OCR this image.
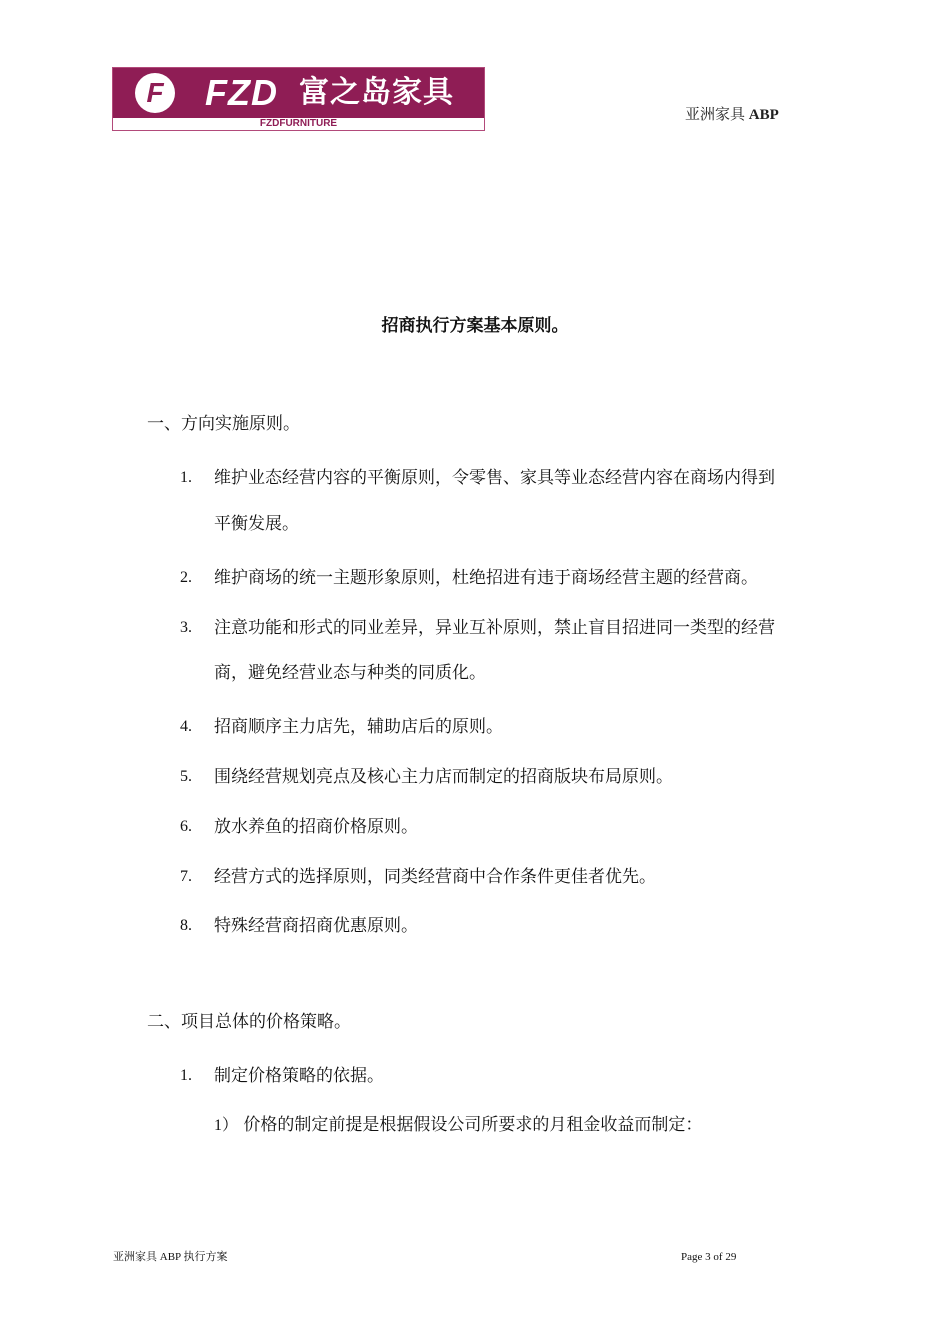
F	FZD 富之岛家具
FZDFURNITURE
亚洲家具 ABP
招商执行方案基本原则。
一、方向实施原则。
1. 维护业态经营内容的平衡原则，令零售、家具等业态经营内容在商场内得到
平衡发展。
2. 维护商场的统一主题形象原则，杜绝招进有违于商场经营主题的经营商。
3. 注意功能和形式的同业差异，异业互补原则，禁止盲目招进同一类型的经营
商，避免经营业态与种类的同质化。
4. 招商顺序主力店先，辅助店后的原则。
5. 围绕经营规划亮点及核心主力店而制定的招商版块布局原则。
6. 放水养鱼的招商价格原则。
7. 经营方式的选择原则，同类经营商中合作条件更佳者优先。
8. 特殊经营商招商优惠原则。
二、项目总体的价格策略。
1. 制定价格策略的依据。
1） 价格的制定前提是根据假设公司所要求的月租金收益而制定：
亚洲家具 ABP 执行方案	Page 3 of 29
